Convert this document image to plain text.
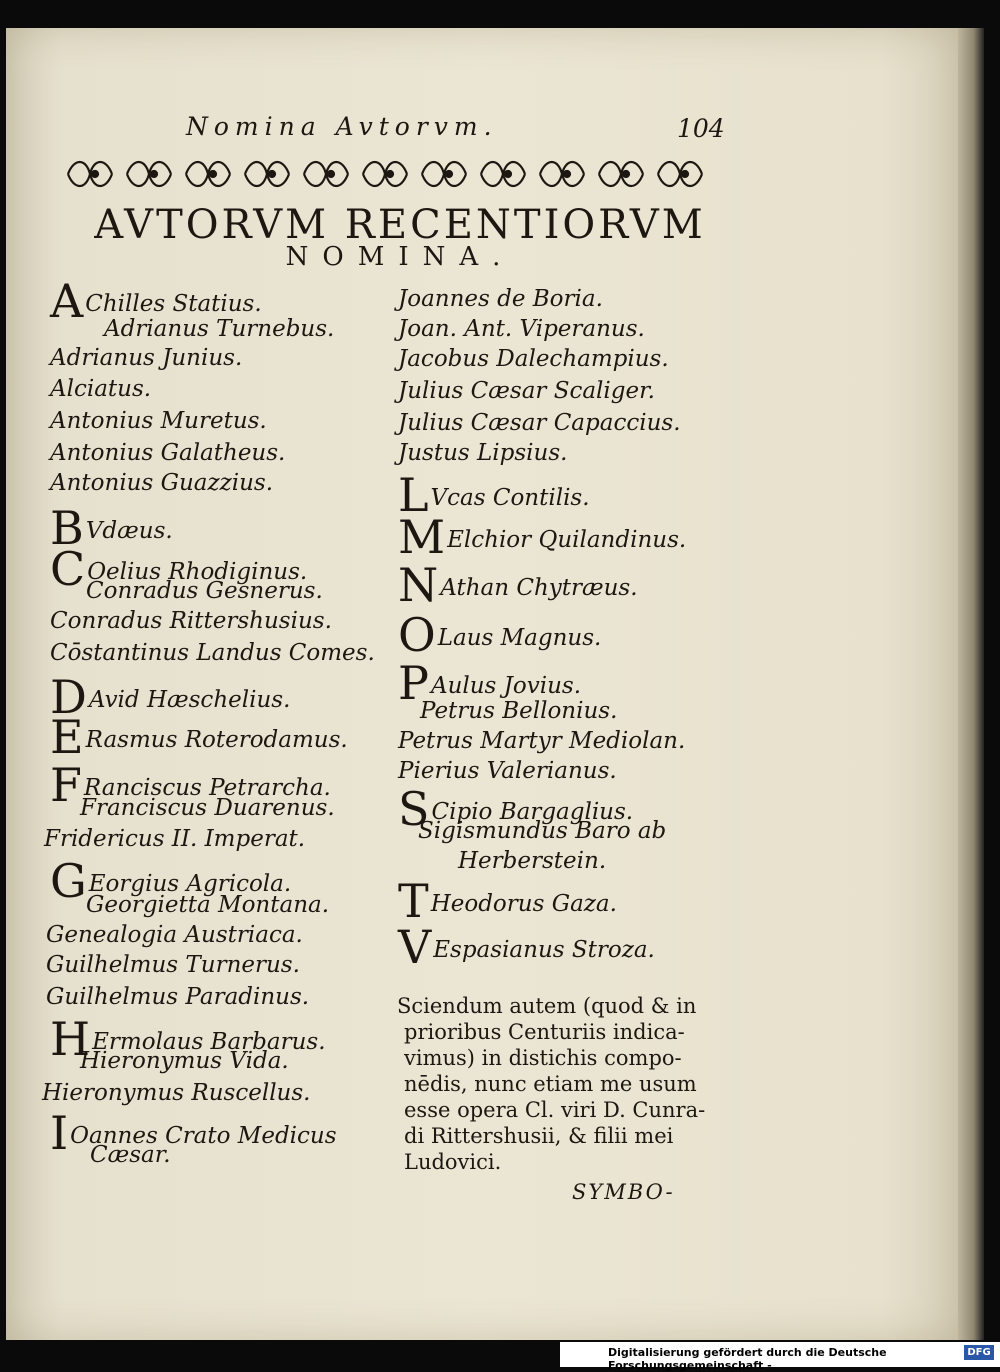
Nomina Avtorvm.	104
AVTORVM RECENTIORVM
NOMINA.
AChilles Statius.
Adrianus Turnebus.
Adrianus Junius.
Alciatus.
Antonius Muretus.
Antonius Galatheus.
Antonius Guazzius.
BVdæus.
COelius Rhodiginus.
Conradus Gesnerus.
Conradus Rittershusius.
Cōstantinus Landus Comes.
DAvid Hæschelius.
ERasmus Roterodamus.
FRanciscus Petrarcha.
Franciscus Duarenus.
Fridericus II. Imperat.
GEorgius Agricola.
Georgietta Montana.
Genealogia Austriaca.
Guilhelmus Turnerus.
Guilhelmus Paradinus.
HErmolaus Barbarus.
Hieronymus Vida.
Hieronymus Ruscellus.
IOannes Crato Medicus
Cæsar.
Joannes de Boria.
Joan. Ant. Viperanus.
Jacobus Dalechampius.
Julius Cæsar Scaliger.
Julius Cæsar Capaccius.
Justus Lipsius.
LVcas Contilis.
MElchior Quilandinus.
NAthan Chytræus.
OLaus Magnus.
PAulus Jovius.
Petrus Bellonius.
Petrus Martyr Mediolan.
Pierius Valerianus.
SCipio Bargaglius.
Sigismundus Baro ab
Herberstein.
THeodorus Gaza.
VEspasianus Stroza.
Sciendum autem (quod & in
prioribus Centuriis indica-
vimus) in distichis compo-
nēdis, nunc etiam me usum
esse opera Cl. viri D. Cunra-
di Rittershusii, & filii mei
Ludovici.
SYMBO-
Digitalisierung gefördert durch die Deutsche Forschungsgemeinschaft -
DFG
